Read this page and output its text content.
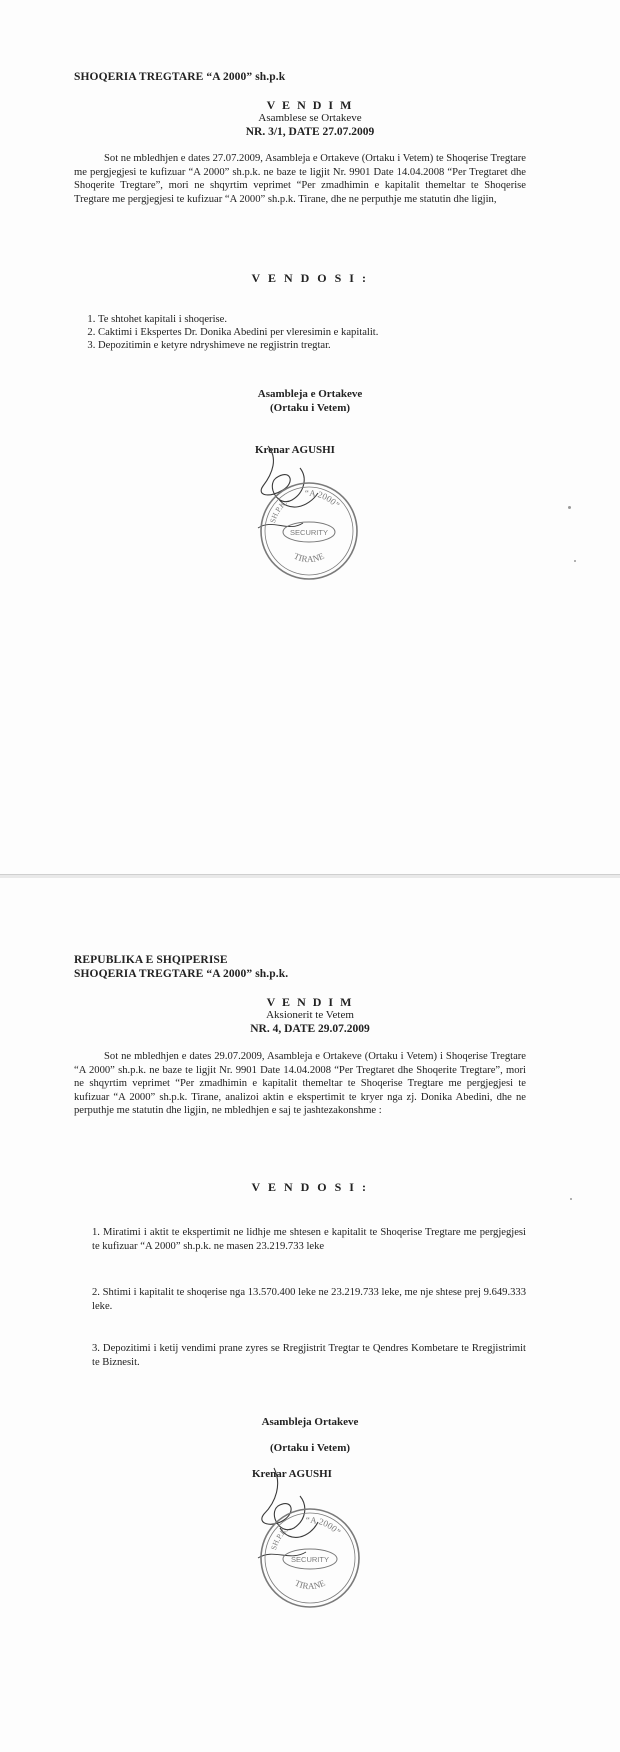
SHOQERIA TREGTARE “A 2000” sh.p.k
V E N D I M
Asamblese se Ortakeve
NR. 3/1, DATE 27.07.2009
Sot ne mbledhjen e dates 27.07.2009, Asambleja e Ortakeve (Ortaku i Vetem) te Shoqerise Tregtare me pergjegjesi te kufizuar “A 2000” sh.p.k. ne baze te ligjit Nr. 9901 Date 14.04.2008 “Per Tregtaret dhe Shoqerite Tregtare”, mori ne shqyrtim veprimet “Per zmadhimin e kapitalit themeltar te Shoqerise Tregtare me pergjegjesi te kufizuar “A 2000” sh.p.k. Tirane, dhe ne perputhje me statutin dhe ligjin,
V E N D O S I :
1. Te shtohet kapitali i shoqerise.
2. Caktimi i Ekspertes Dr. Donika Abedini per vleresimin e kapitalit.
3. Depozitimin e ketyre ndryshimeve ne regjistrin tregtar.
Asambleja e Ortakeve
(Ortaku i Vetem)
Krenar AGUSHI
“A 2000”
SH.P.K.
SECURITY
TIRANE
REPUBLIKA E SHQIPERISE
SHOQERIA TREGTARE “A 2000” sh.p.k.
V E N D I M
Aksionerit te Vetem
NR. 4, DATE 29.07.2009
Sot ne mbledhjen e dates 29.07.2009, Asambleja e Ortakeve (Ortaku i Vetem) i Shoqerise Tregtare “A 2000” sh.p.k. ne baze te ligjit Nr. 9901 Date 14.04.2008 “Per Tregtaret dhe Shoqerite Tregtare”, mori ne shqyrtim veprimet “Per zmadhimin e kapitalit themeltar te Shoqerise Tregtare me pergjegjesi te kufizuar “A 2000” sh.p.k. Tirane, analizoi aktin e ekspertimit te kryer nga zj. Donika Abedini, dhe ne perputhje me statutin dhe ligjin, ne mbledhjen e saj te jashtezakonshme :
V E N D O S I :
1. Miratimi i aktit te ekspertimit ne lidhje me shtesen e kapitalit te Shoqerise Tregtare me pergjegjesi te kufizuar “A 2000” sh.p.k. ne masen 23.219.733 leke
2. Shtimi i kapitalit te shoqerise nga 13.570.400 leke ne 23.219.733 leke, me nje shtese prej 9.649.333 leke.
3. Depozitimi i ketij vendimi prane zyres se Rregjistrit Tregtar te Qendres Kombetare te Rregjistrimit te Biznesit.
Asambleja Ortakeve
(Ortaku i Vetem)
Krenar AGUSHI
“A 2000”
SH.P.K.
SECURITY
TIRANE
